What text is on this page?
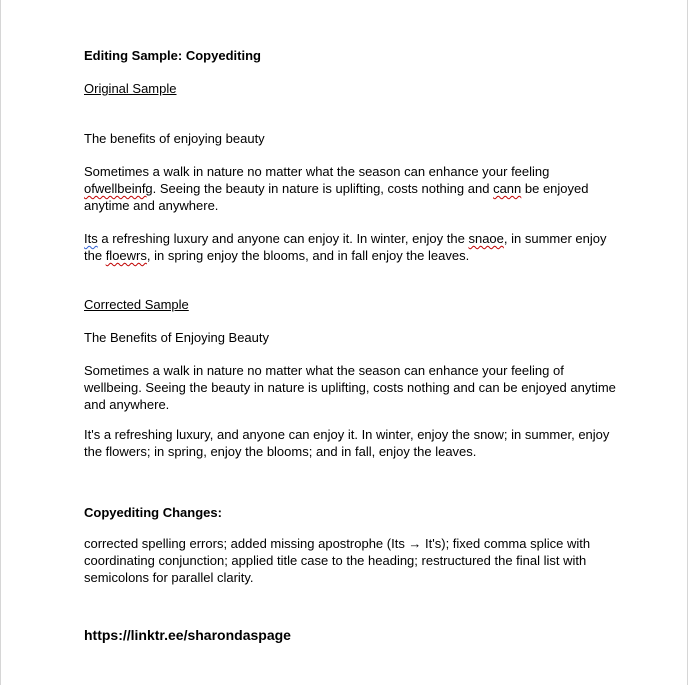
Editing Sample: Copyediting
Original Sample
The benefits of enjoying beauty

Sometimes a walk in nature no matter what the season can enhance your feeling ofwellbeinfg. Seeing the beauty in nature is uplifting, costs nothing and cann be enjoyed anytime and anywhere.

Its a refreshing luxury and anyone can enjoy it. In winter, enjoy the snaoe, in summer enjoy the floewrs, in spring enjoy the blooms, and in fall enjoy the leaves.

Corrected Sample
The Benefits of Enjoying Beauty

Sometimes a walk in nature no matter what the season can enhance your feeling of wellbeing. Seeing the beauty in nature is uplifting, costs nothing and can be enjoyed anytime and anywhere.

It's a refreshing luxury, and anyone can enjoy it. In winter, enjoy the snow; in summer, enjoy the flowers; in spring, enjoy the blooms; and in fall, enjoy the leaves.

Copyediting Changes:

corrected spelling errors; added missing apostrophe (Its → It's); fixed comma splice with coordinating conjunction; applied title case to the heading; restructured the final list with semicolons for parallel clarity.

https://linktr.ee/sharondaspage
